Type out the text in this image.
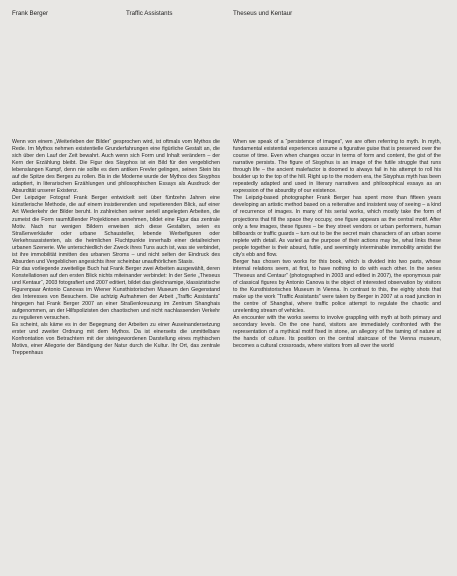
Frank Berger	Traffic Assistants	Theseus und Kentaur

Wenn von einem „Weiterleben der Bilder“ gesprochen wird, ist oftmals vom Mythos die Rede. Im Mythos nehmen existentielle Grunderfahrungen eine figürliche Gestalt an, die sich über den Lauf der Zeit bewahrt. Auch wenn sich Form und Inhalt verändern – der Kern der Erzählung bleibt. Die Figur des Sisyphos ist ein Bild für den vergeblichen lebenslangen Kampf, denn nie sollte es dem antiken Frevler gelingen, seinen Stein bis auf die Spitze des Berges zu rollen. Bis in die Moderne wurde der Mythos des Sisyphos adaptiert, in literarischen Erzählungen und philosophischen Essays als Ausdruck der Absurdität unserer Existenz.

Der Leipziger Fotograf Frank Berger entwickelt seit über fünfzehn Jahren eine künstlerische Methode, die auf einem insistierenden und repetierenden Blick, auf einer Art Wiederkehr der Bilder beruht. In zahlreichen seiner seriell angelegten Arbeiten, die zumeist die Form raumfüllender Projektionen annehmen, bildet eine Figur das zentrale Motiv. Nach nur wenigen Bildern erweisen sich diese Gestalten, seien es Straßenverkäufer oder urbane Schausteller, lebende Werbefiguren oder Verkehrsassistenten, als die heimlichen Fluchtpunkte innerhalb einer detailreichen urbanen Szenerie. Wie unterschiedlich der Zweck ihres Tuns auch ist, was sie verbindet, ist ihre immobilität inmitten des urbanen Stroms – und nicht selten der Eindruck des Absurden und Vergeblichen angesichts ihrer scheinbar unaufhörlichen Stasis.

Für das vorliegende zweiteilige Buch hat Frank Berger zwei Arbeiten ausgewählt, deren Konstellationen auf den ersten Blick nichts miteinander verbindet: In der Serie „Theseus und Kentaur“, 2003 fotografiert und 2007 editiert, bildet das gleichnamige, klassizistische Figurenpaar Antonio Canovas im Wiener Kunsthistorischen Museum den Gegenstand des Interesses von Besuchern. Die achtzig Aufnahmen der Arbeit „Traffic Assistants“ hingegen hat Frank Berger 2007 an einer Straßenkreuzung im Zentrum Shanghais aufgenommen, an der Hilfspolizisten den chaotischen und nicht nachlassenden Verkehr zu regulieren versuchen.

Es scheint, als käme es in der Begegnung der Arbeiten zu einer Auseinandersetzung erster und zweiter Ordnung mit dem Mythos. Da ist einerseits die unmittelbare Konfrontation von Betrachtern mit der steingewordenen Darstellung eines mythischen Motivs, einer Allegorie der Bändigung der Natur durch die Kultur. Ihr Ort, das zentrale Treppenhaus

When we speak of a “persistence of images”, we are often referring to myth. In myth, fundamental existential experiences assume a figurative guise that is preserved over the course of time. Even when changes occur in terms of form and content, the gist of the narrative persists. The figure of Sisyphus is an image of the futile struggle that runs through life – the ancient malefactor is doomed to always fail in his attempt to roll his boulder up to the top of the hill. Right up to the modern era, the Sisyphus myth has been repeatedly adapted and used in literary narratives and philosophical essays as an expression of the absurdity of our existence.

The Leipzig-based photographer Frank Berger has spent more than fifteen years developing an artistic method based on a reiterative and insistent way of seeing – a kind of recurrence of images. In many of his serial works, which mostly take the form of projections that fill the space they occupy, one figure appears as the central motif. After only a few images, these figures – be they street vendors or urban performers, human billboards or traffic guards – turn out to be the secret main characters of an urban scene replete with detail. As varied as the purpose of their actions may be, what links these people together is their absurd, futile, and seemingly interminable immobility amidst the city’s ebb and flow.

Berger has chosen two works for this book, which is divided into two parts, whose internal relations seem, at first, to have nothing to do with each other. In the series “Theseus and Centaur” (photographed in 2003 and edited in 2007), the eponymous pair of classical figures by Antonio Canova is the object of interested observation by visitors to the Kunsthistorisches Museum in Vienna. In contrast to this, the eighty shots that make up the work “Traffic Assistants” were taken by Berger in 2007 at a road junction in the centre of Shanghai, where traffic police attempt to regulate the chaotic and unrelenting stream of vehicles.

An encounter with the works seems to involve grappling with myth at both primary and secondary levels. On the one hand, visitors are immediately confronted with the representation of a mythical motif fixed in stone, an allegory of the taming of nature at the hands of culture. Its position on the central staircase of the Vienna museum, becomes a cultural crossroads, where visitors from all over the world
